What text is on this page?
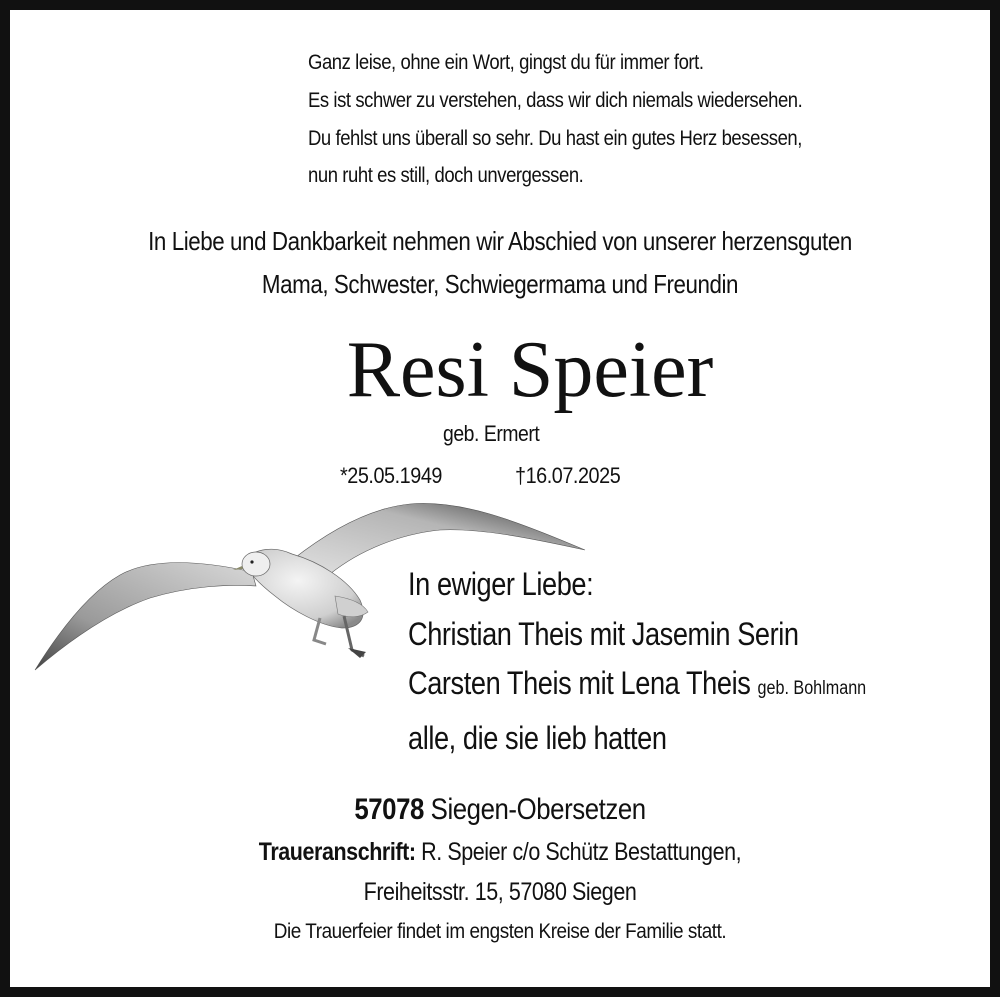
Ganz leise, ohne ein Wort, gingst du für immer fort.
Es ist schwer zu verstehen, dass wir dich niemals wiedersehen.
Du fehlst uns überall so sehr. Du hast ein gutes Herz besessen,
nun ruht es still, doch unvergessen.
In Liebe und Dankbarkeit nehmen wir Abschied von unserer herzensguten
Mama, Schwester, Schwiegermama und Freundin
Resi Speier
geb. Ermert
*25.05.1949	†16.07.2025
In ewiger Liebe:
Christian Theis mit Jasemin Serin
Carsten Theis mit Lena Theis geb. Bohlmann
alle, die sie lieb hatten
57078 Siegen-Obersetzen
Traueranschrift: R. Speier c/o Schütz Bestattungen,
Freiheitsstr. 15, 57080 Siegen
Die Trauerfeier findet im engsten Kreise der Familie statt.
